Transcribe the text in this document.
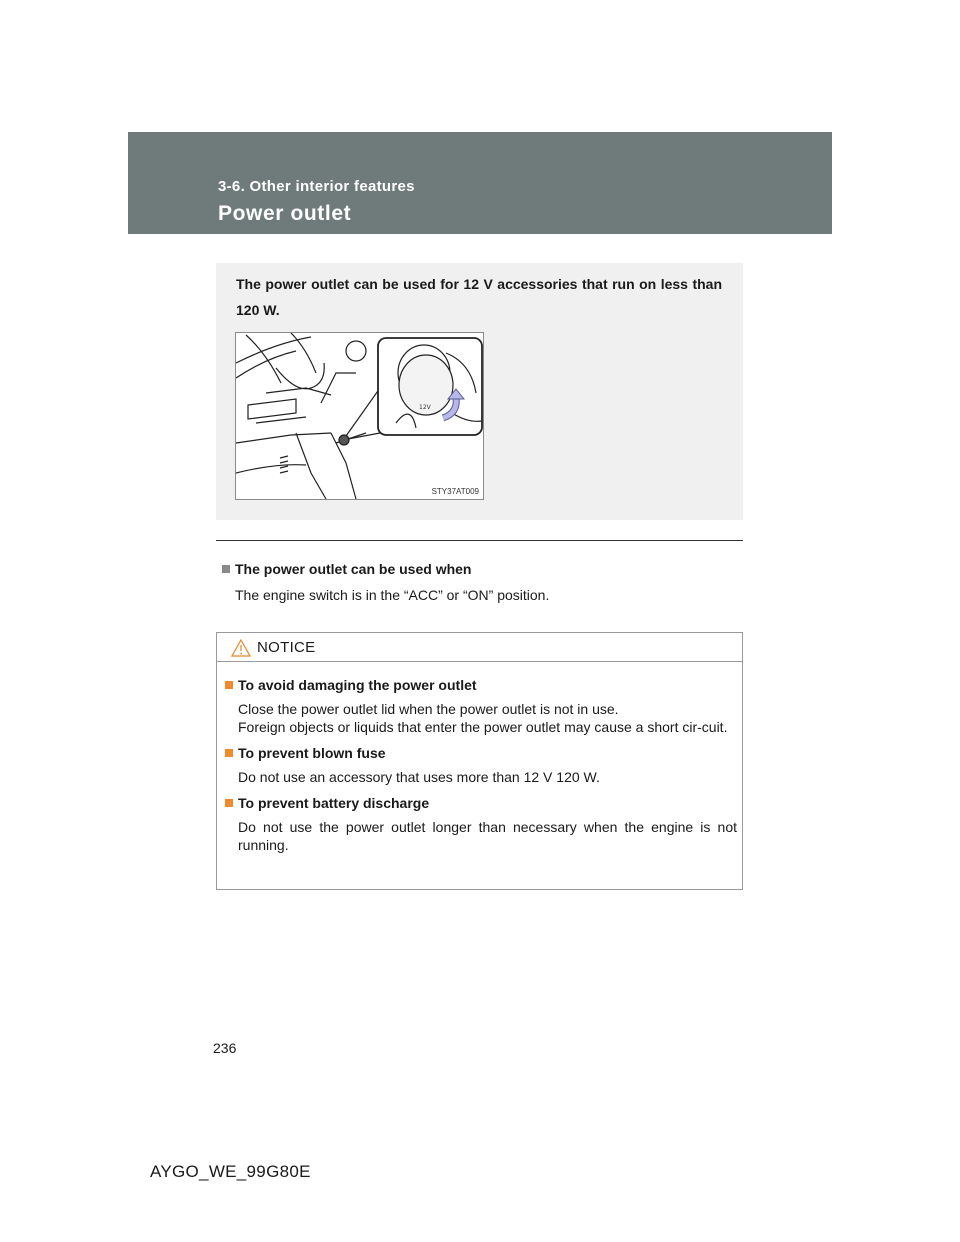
3-6. Other interior features
Power outlet
The power outlet can be used for 12 V accessories that run on less than 120 W.
12V
STY37AT009
The power outlet can be used when
The engine switch is in the “ACC” or “ON” position.
NOTICE
To avoid damaging the power outlet

Close the power outlet lid when the power outlet is not in use.

Foreign objects or liquids that enter the power outlet may cause a short cir-cuit.

To prevent blown fuse

Do not use an accessory that uses more than 12 V 120 W.

To prevent battery discharge

Do not use the power outlet longer than necessary when the engine is not running.

236
AYGO_WE_99G80E
